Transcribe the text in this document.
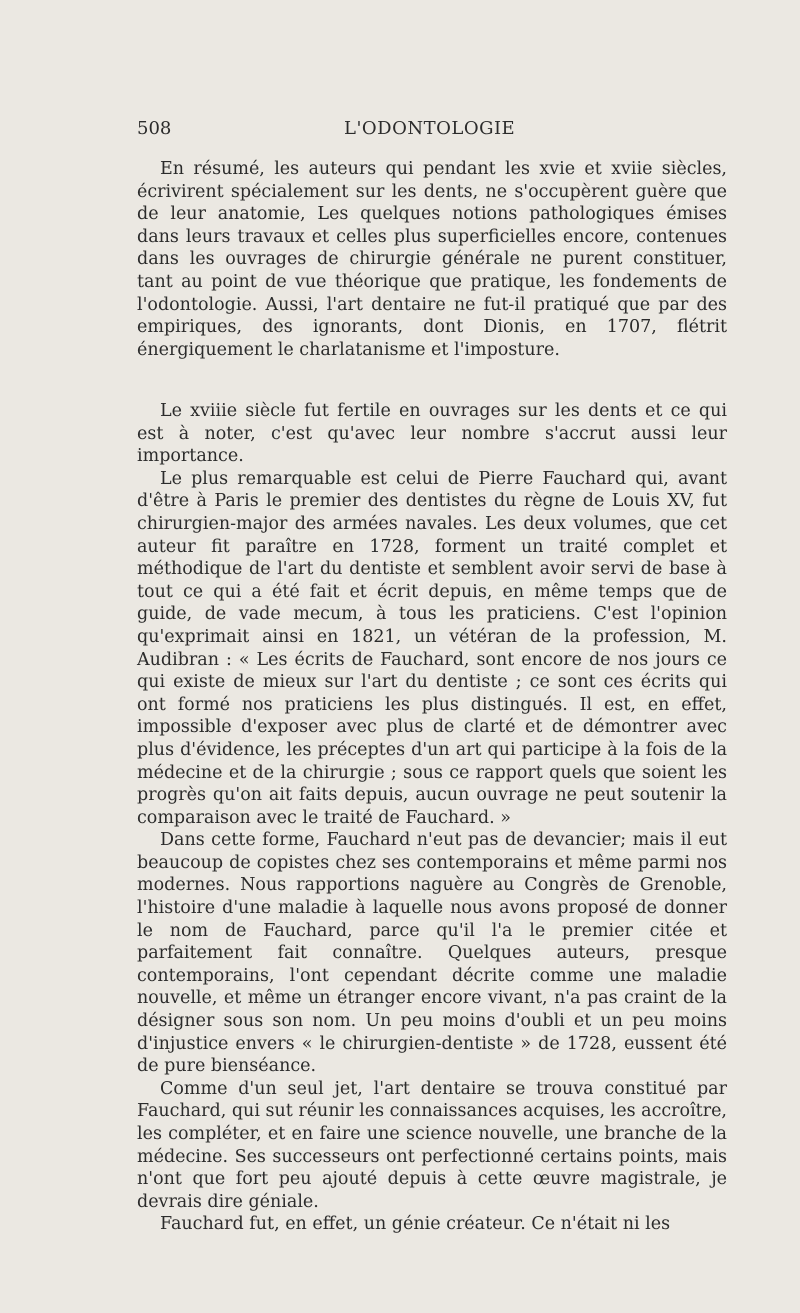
508	L'ODONTOLOGIE

En résumé, les auteurs qui pendant les xvie et xviie siècles, écrivirent spécialement sur les dents, ne s'occupèrent guère que de leur anatomie, Les quelques notions pathologiques émises dans leurs travaux et celles plus superficielles encore, contenues dans les ouvrages de chirurgie générale ne purent constituer, tant au point de vue théorique que pratique, les fondements de l'odontologie. Aussi, l'art dentaire ne fut-il pratiqué que par des empiriques, des ignorants, dont Dionis, en 1707, flétrit énergiquement le charlatanisme et l'imposture.

Le xviiie siècle fut fertile en ouvrages sur les dents et ce qui est à noter, c'est qu'avec leur nombre s'accrut aussi leur importance.

Le plus remarquable est celui de Pierre Fauchard qui, avant d'être à Paris le premier des dentistes du règne de Louis XV, fut chirurgien-major des armées navales. Les deux volumes, que cet auteur fit paraître en 1728, forment un traité complet et méthodique de l'art du dentiste et semblent avoir servi de base à tout ce qui a été fait et écrit depuis, en même temps que de guide, de vade mecum, à tous les praticiens. C'est l'opinion qu'exprimait ainsi en 1821, un vétéran de la profession, M. Audibran : « Les écrits de Fauchard, sont encore de nos jours ce qui existe de mieux sur l'art du dentiste ; ce sont ces écrits qui ont formé nos praticiens les plus distingués. Il est, en effet, impossible d'exposer avec plus de clarté et de démontrer avec plus d'évidence, les préceptes d'un art qui participe à la fois de la médecine et de la chirurgie ; sous ce rapport quels que soient les progrès qu'on ait faits depuis, aucun ouvrage ne peut soutenir la comparaison avec le traité de Fauchard. »

Dans cette forme, Fauchard n'eut pas de devancier; mais il eut beaucoup de copistes chez ses contemporains et même parmi nos modernes. Nous rapportions naguère au Congrès de Grenoble, l'histoire d'une maladie à laquelle nous avons proposé de donner le nom de Fauchard, parce qu'il l'a le premier citée et parfaitement fait connaître. Quelques auteurs, presque contemporains, l'ont cependant décrite comme une maladie nouvelle, et même un étranger encore vivant, n'a pas craint de la désigner sous son nom. Un peu moins d'oubli et un peu moins d'injustice envers « le chirurgien-dentiste » de 1728, eussent été de pure bienséance.

Comme d'un seul jet, l'art dentaire se trouva constitué par Fauchard, qui sut réunir les connaissances acquises, les accroître, les compléter, et en faire une science nouvelle, une branche de la médecine. Ses successeurs ont perfectionné certains points, mais n'ont que fort peu ajouté depuis à cette œuvre magistrale, je devrais dire géniale.

Fauchard fut, en effet, un génie créateur. Ce n'était ni les
